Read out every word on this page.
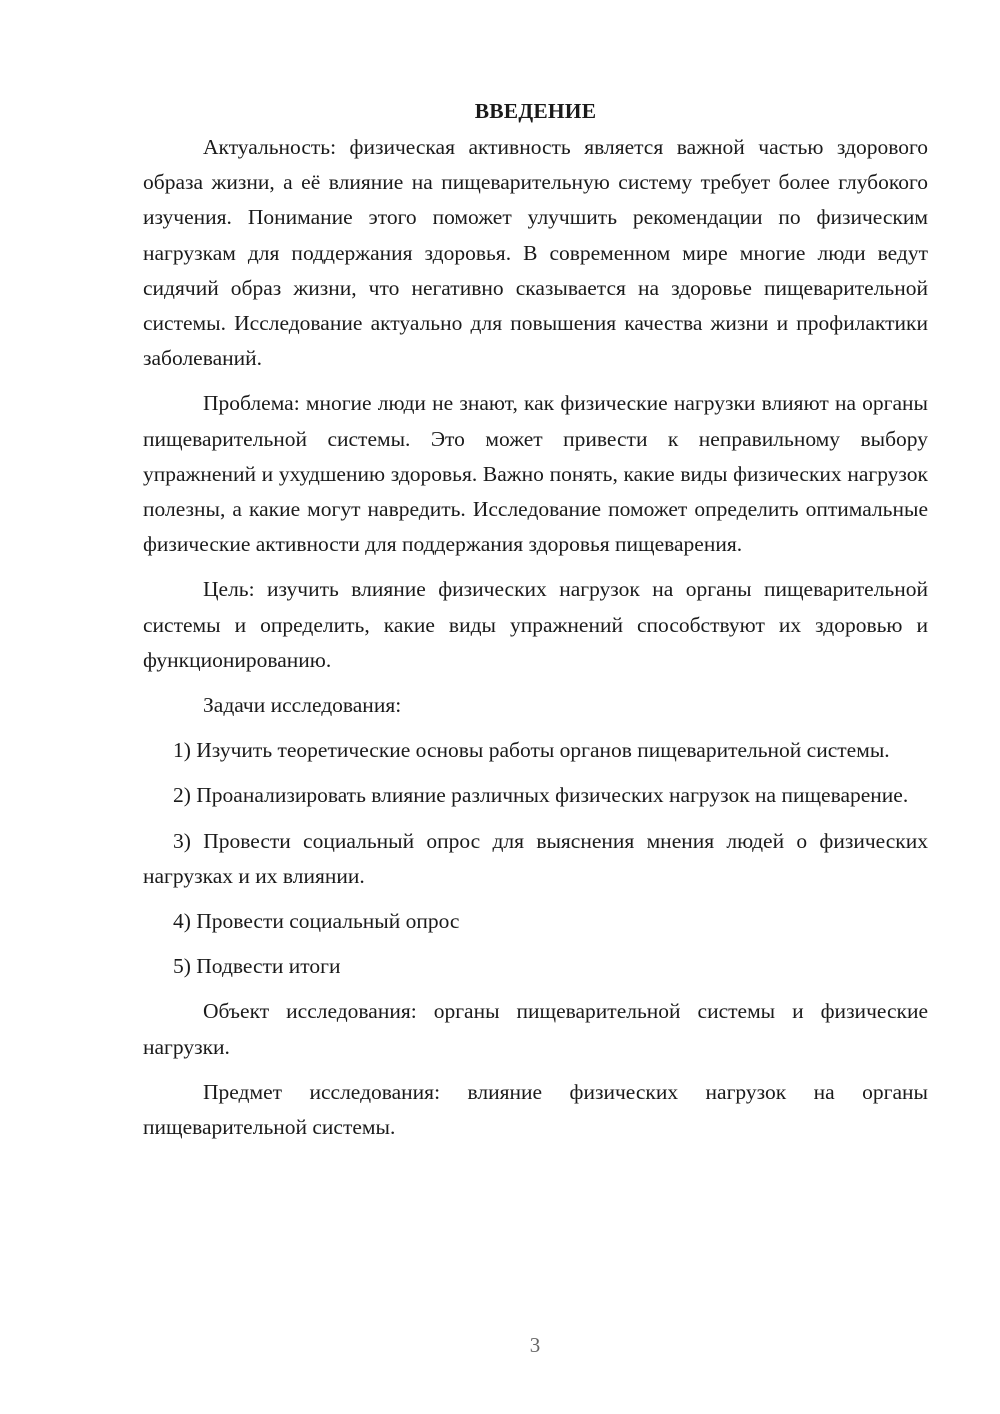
ВВЕДЕНИЕ

Актуальность: физическая активность является важной частью здорового образа жизни, а её влияние на пищеварительную систему требует более глубокого изучения. Понимание этого поможет улучшить рекомендации по физическим нагрузкам для поддержания здоровья. В современном мире многие люди ведут сидячий образ жизни, что негативно сказывается на здоровье пищеварительной системы. Исследование актуально для повышения качества жизни и профилактики заболеваний.

Проблема: многие люди не знают, как физические нагрузки влияют на органы пищеварительной системы. Это может привести к неправильному выбору упражнений и ухудшению здоровья. Важно понять, какие виды физических нагрузок полезны, а какие могут навредить. Исследование поможет определить оптимальные физические активности для поддержания здоровья пищеварения.

Цель: изучить влияние физических нагрузок на органы пищеварительной системы и определить, какие виды упражнений способствуют их здоровью и функционированию.

Задачи исследования:

1) Изучить теоретические основы работы органов пищеварительной системы.

2) Проанализировать влияние различных физических нагрузок на пищеварение.

3) Провести социальный опрос для выяснения мнения людей о физических нагрузках и их влиянии.

4) Провести социальный опрос

5) Подвести итоги

Объект исследования: органы пищеварительной системы и физические нагрузки.

Предмет исследования: влияние физических нагрузок на органы пищеварительной системы.

3
